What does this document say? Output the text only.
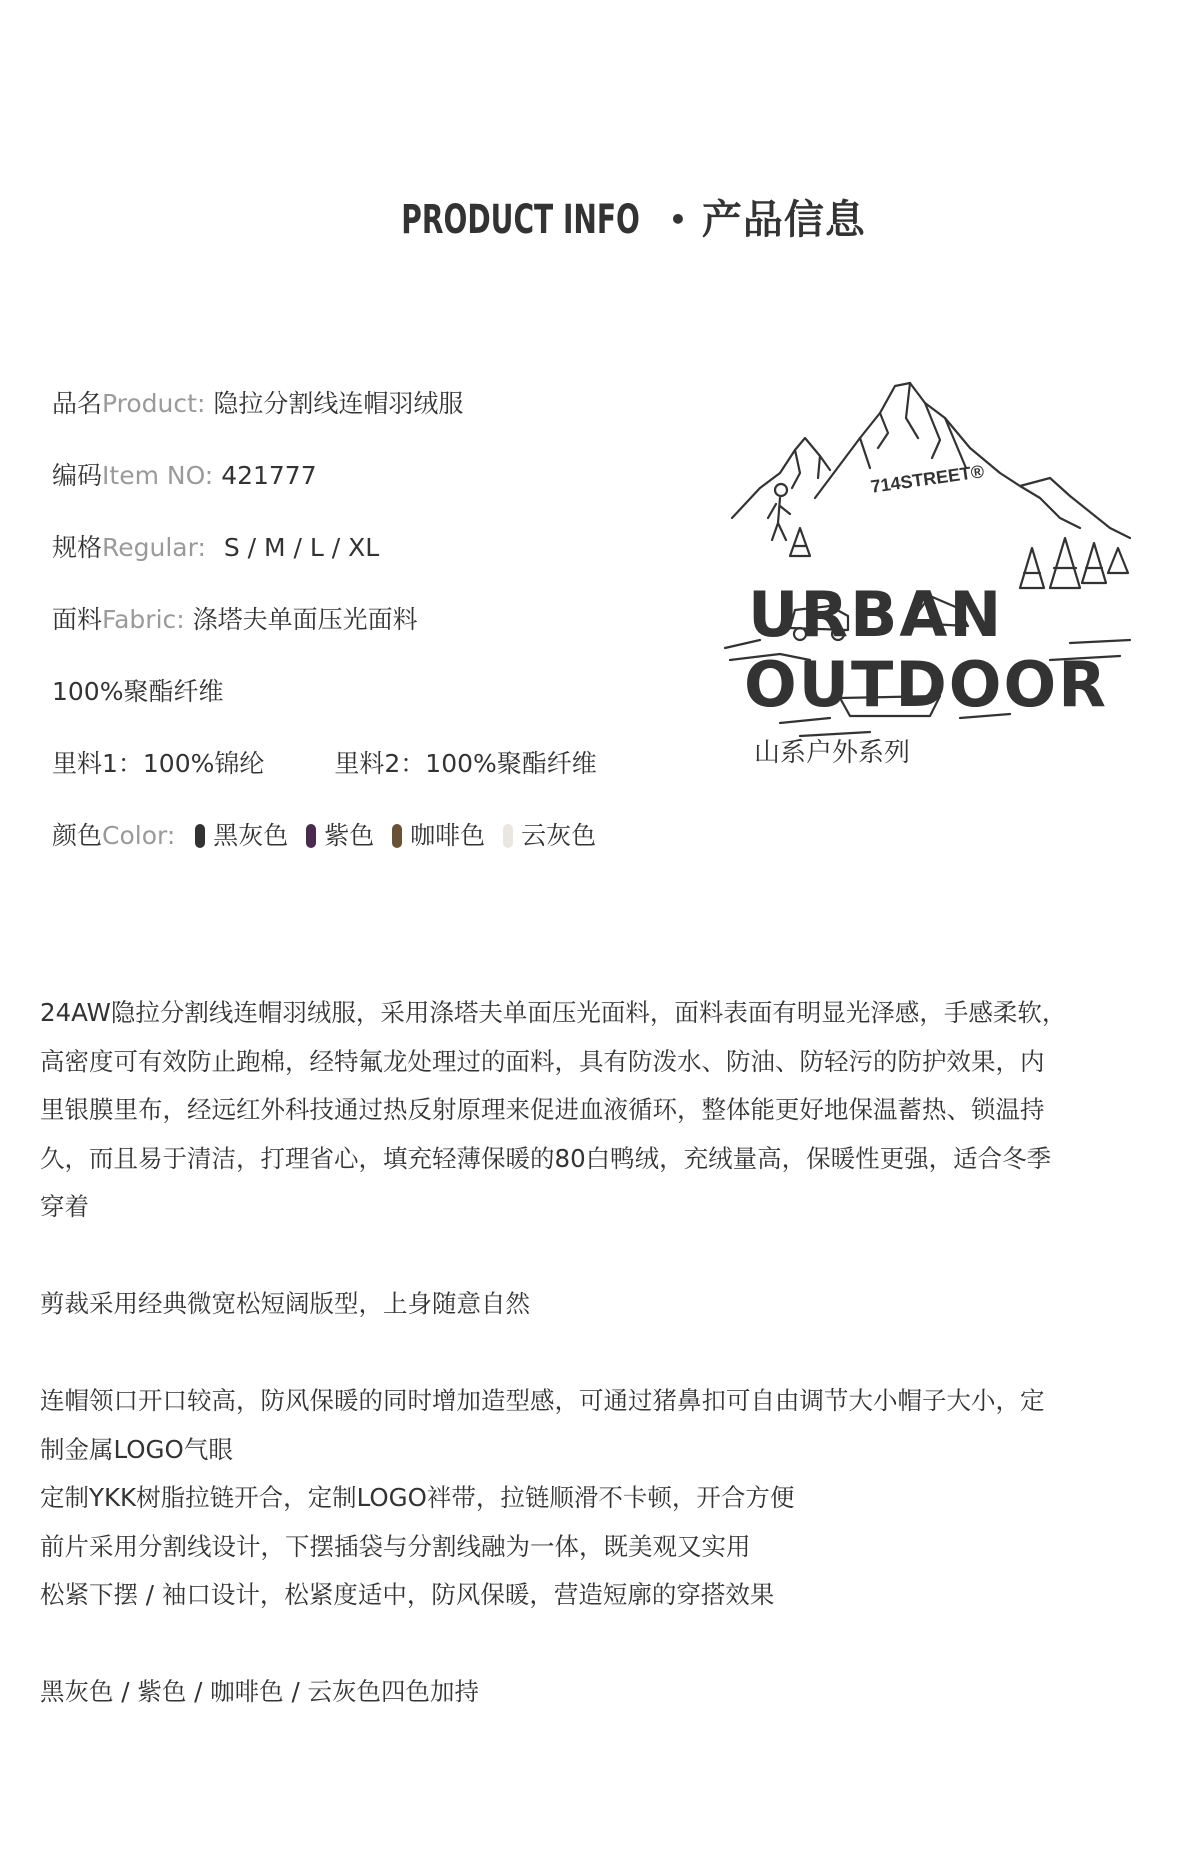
PRODUCT INFO • 产品信息
品名Product: 隐拉分割线连帽羽绒服
编码Item NO: 421777
规格Regular: S / M / L / XL
面料Fabric: 涤塔夫单面压光面料
100%聚酯纤维
里料1：100%锦纶	里料2：100%聚酯纤维
颜色Color: 黑灰色 紫色 咖啡色 云灰色
714STREET®
URBAN
OUTDOOR
山系户外系列

24AW隐拉分割线连帽羽绒服，采用涤塔夫单面压光面料，面料表面有明显光泽感，手感柔软，

高密度可有效防止跑棉，经特氟龙处理过的面料，具有防泼水、防油、防轻污的防护效果，内

里银膜里布，经远红外科技通过热反射原理来促进血液循环，整体能更好地保温蓄热、锁温持

久，而且易于清洁，打理省心，填充轻薄保暖的80白鸭绒，充绒量高，保暖性更强，适合冬季

穿着

剪裁采用经典微宽松短阔版型，上身随意自然

连帽领口开口较高，防风保暖的同时增加造型感，可通过猪鼻扣可自由调节大小帽子大小，定

制金属LOGO气眼

定制YKK树脂拉链开合，定制LOGO袢带，拉链顺滑不卡顿，开合方便

前片采用分割线设计，下摆插袋与分割线融为一体，既美观又实用

松紧下摆 / 袖口设计，松紧度适中，防风保暖，营造短廓的穿搭效果

黑灰色 / 紫色 / 咖啡色 / 云灰色四色加持
